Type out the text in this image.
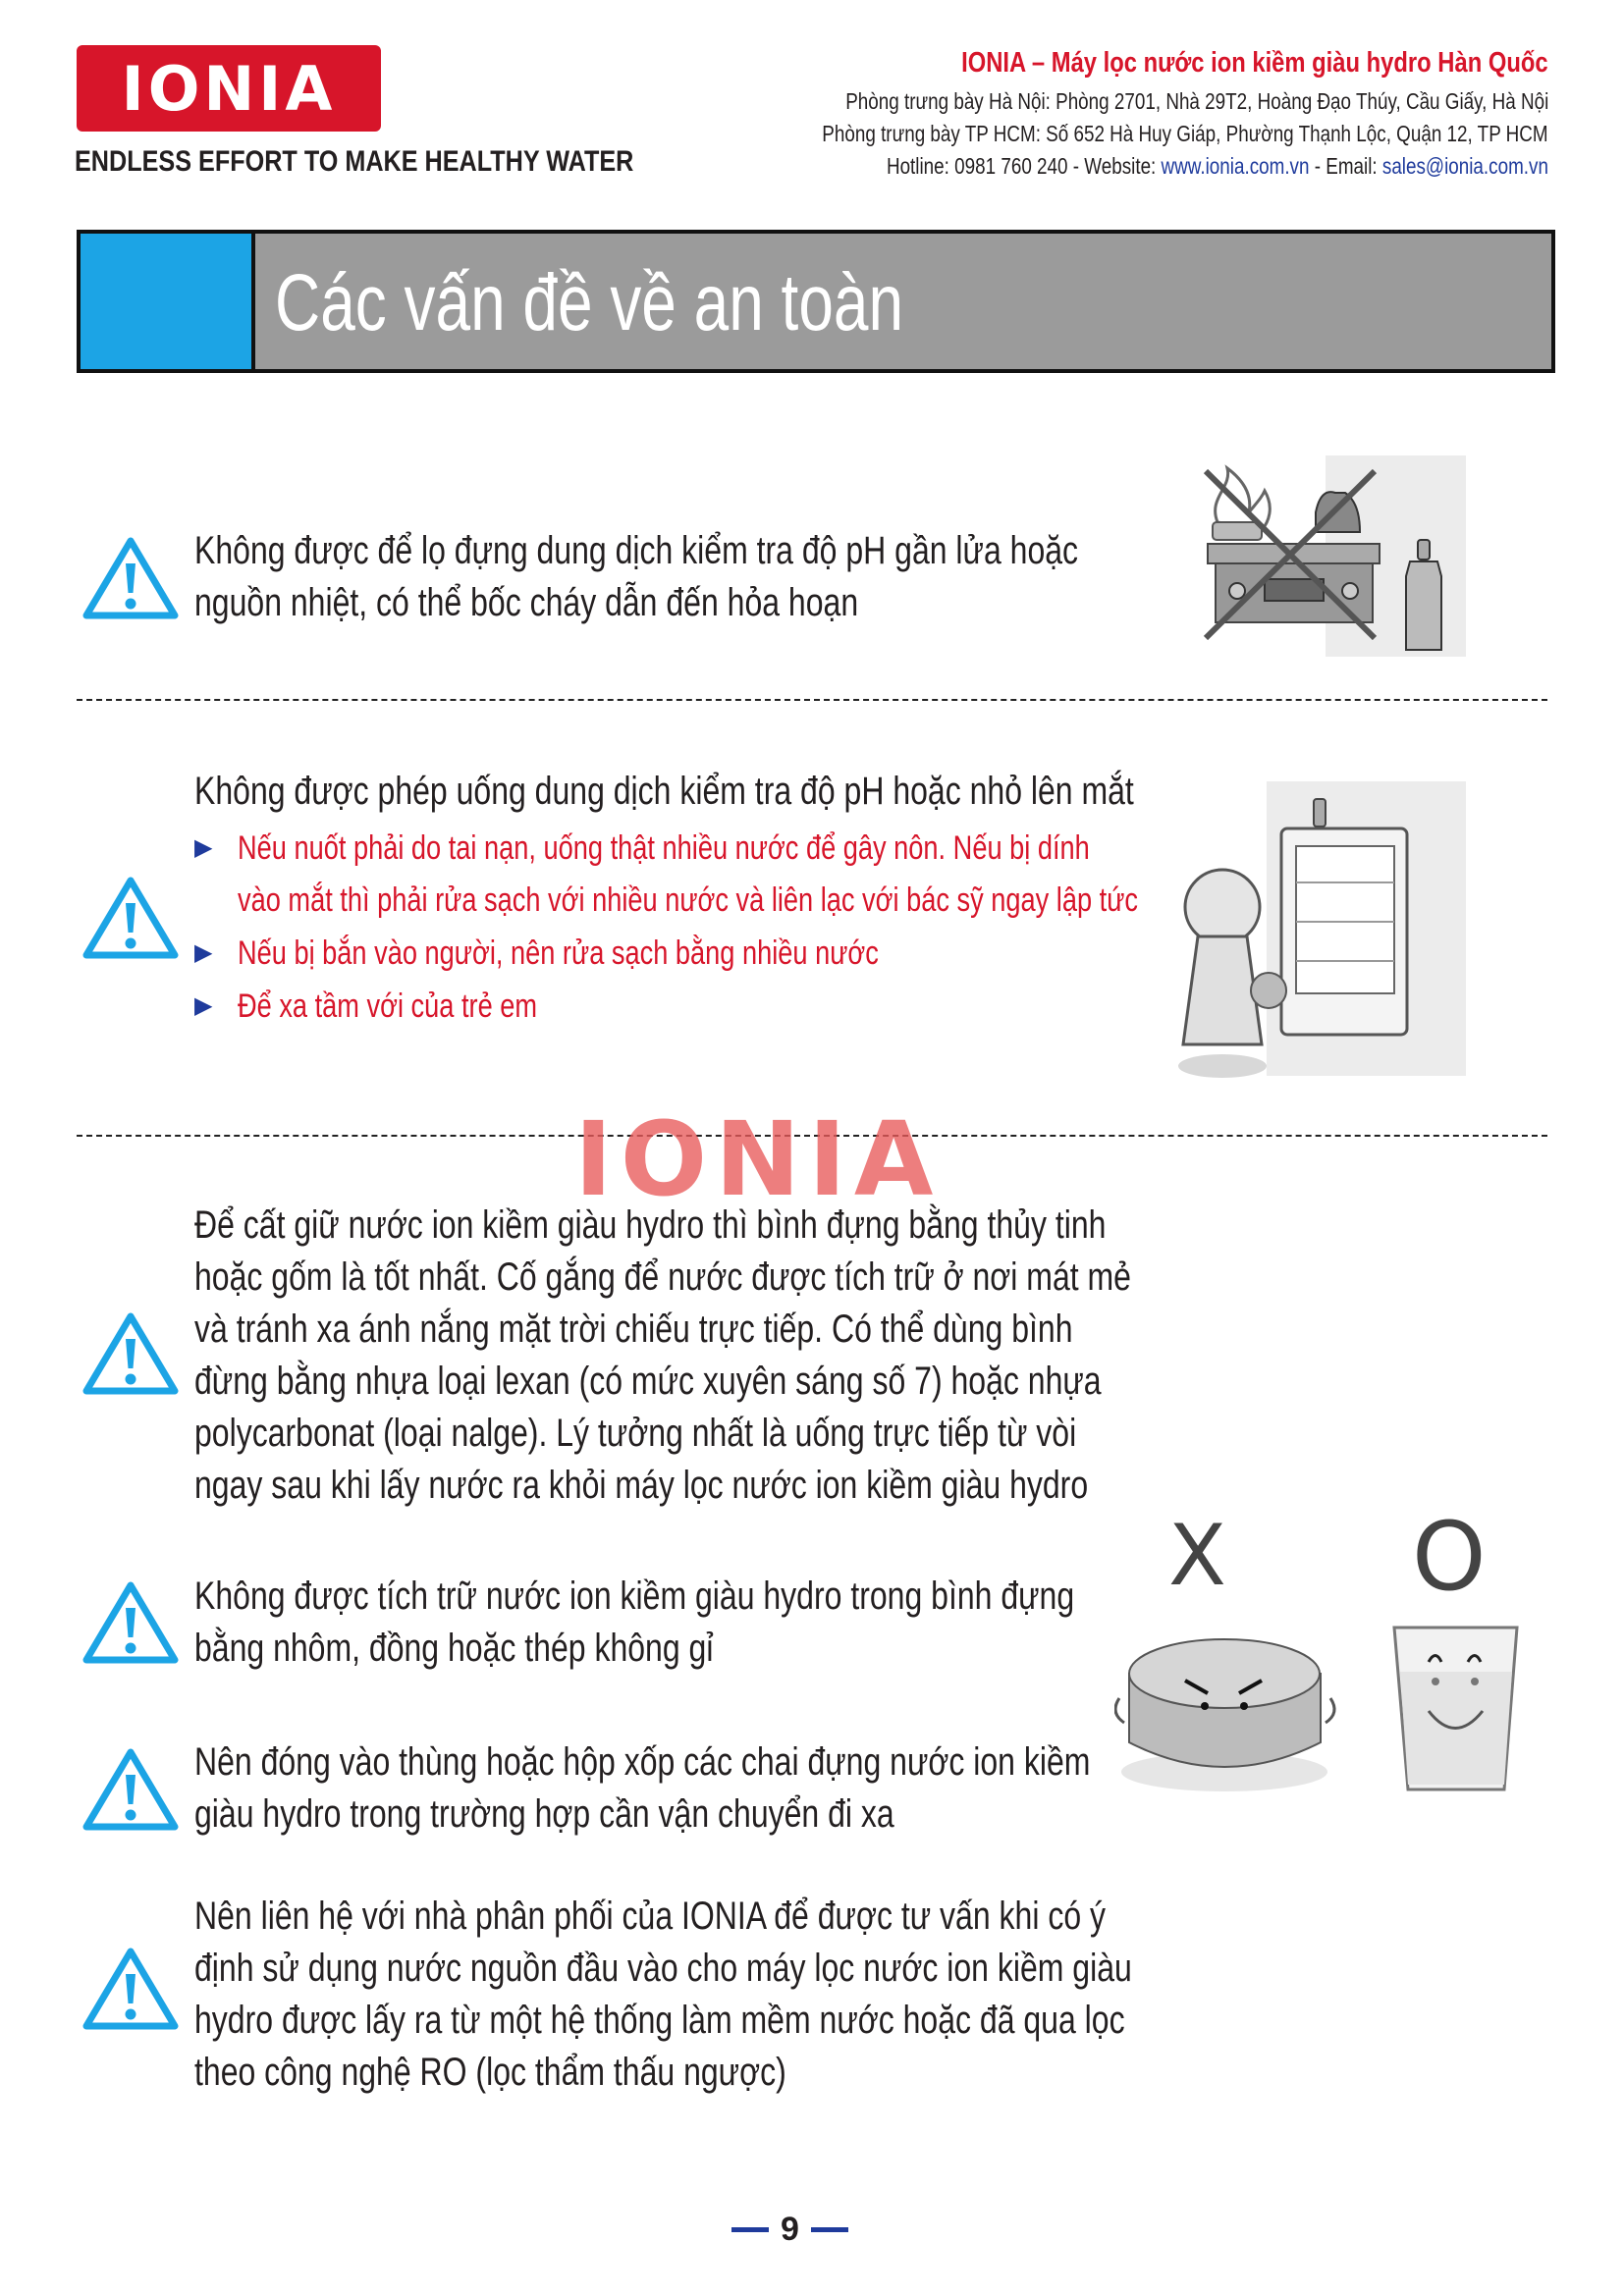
IONIA
ENDLESS EFFORT TO MAKE HEALTHY WATER
IONIA – Máy lọc nước ion kiềm giàu hydro Hàn Quốc
Phòng trưng bày Hà Nội: Phòng 2701, Nhà 29T2, Hoàng Đạo Thúy, Cầu Giấy, Hà Nội
Phòng trưng bày TP HCM: Số 652 Hà Huy Giáp, Phường Thạnh Lộc, Quận 12, TP HCM
Hotline: 0981 760 240 - Website: www.ionia.com.vn - Email: sales@ionia.com.vn
Các vấn đề về an toàn
Không được để lọ đựng dung dịch kiểm tra độ pH gần lửa hoặc
nguồn nhiệt, có thể bốc cháy dẫn đến hỏa hoạn
Không được phép uống dung dịch kiểm tra độ pH hoặc nhỏ lên mắt
▶ Nếu nuốt phải do tai nạn, uống thật nhiều nước để gây nôn. Nếu bị dính
vào mắt thì phải rửa sạch với nhiều nước và liên lạc với bác sỹ ngay lập tức
▶ Nếu bị bắn vào người, nên rửa sạch bằng nhiều nước
▶ Để xa tầm với của trẻ em
IONIA
Để cất giữ nước ion kiềm giàu hydro thì bình đựng bằng thủy tinh
hoặc gốm là tốt nhất. Cố gắng để nước được tích trữ ở nơi mát mẻ
và tránh xa ánh nắng mặt trời chiếu trực tiếp. Có thể dùng bình
đừng bằng nhựa loại lexan (có mức xuyên sáng số 7) hoặc nhựa
polycarbonat (loại nalge). Lý tưởng nhất là uống trực tiếp từ vòi
ngay sau khi lấy nước ra khỏi máy lọc nước ion kiềm giàu hydro
Không được tích trữ nước ion kiềm giàu hydro trong bình đựng
bằng nhôm, đồng hoặc thép không gỉ
X O
Nên đóng vào thùng hoặc hộp xốp các chai đựng nước ion kiềm
giàu hydro trong trường hợp cần vận chuyển đi xa
Nên liên hệ với nhà phân phối của IONIA để được tư vấn khi có ý
định sử dụng nước nguồn đầu vào cho máy lọc nước ion kiềm giàu
hydro được lấy ra từ một hệ thống làm mềm nước hoặc đã qua lọc
theo công nghệ RO (lọc thẩm thấu ngược)
9
